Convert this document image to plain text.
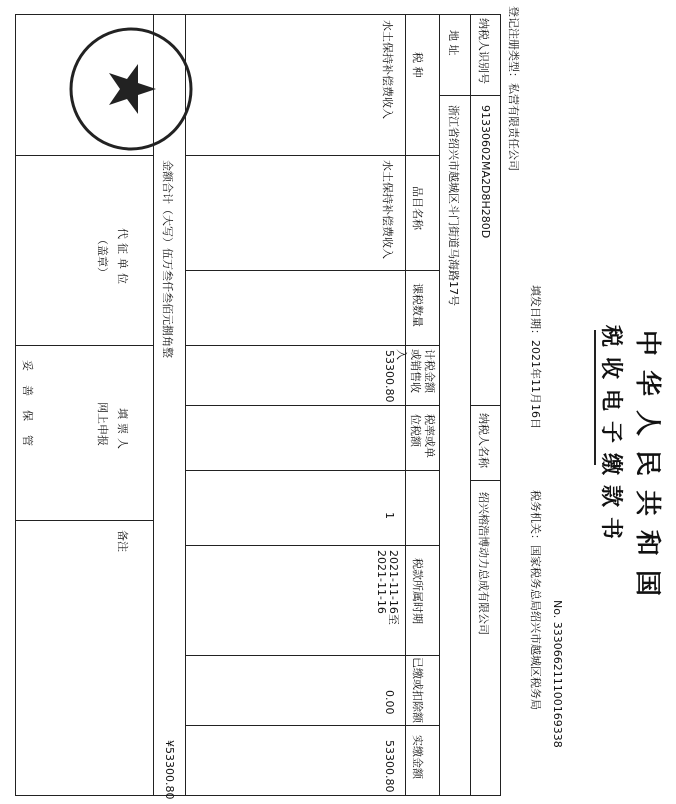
中华人民共和国
税收电子缴款书
No. 333066211100169338
填发日期：2021年11月16日
税务机关：国家税务总局绍兴市越城区税务局
登记注册类型：私营有限责任公司
纳税人识别号
91330602MA2D8H280D
纳税人名称
绍兴榕浩博动力总成有限公司
地 址
浙江省绍兴市越城区斗门街道马海路17号
税 种
品目名称
课税数量
计税金额或销售收入
税率或单位税额
税款所属时期
已缴或扣除额
实缴金额
水土保持补偿费收入
水土保持补偿费收入
53300.80
1
2021-11-16至
2021-11-16
0.00
53300.80
金额合计（大写）伍万叁仟叁佰元捌角整
¥53300.80
代征单位
（盖章）
填票人
网上申报
备注
妥善保管
